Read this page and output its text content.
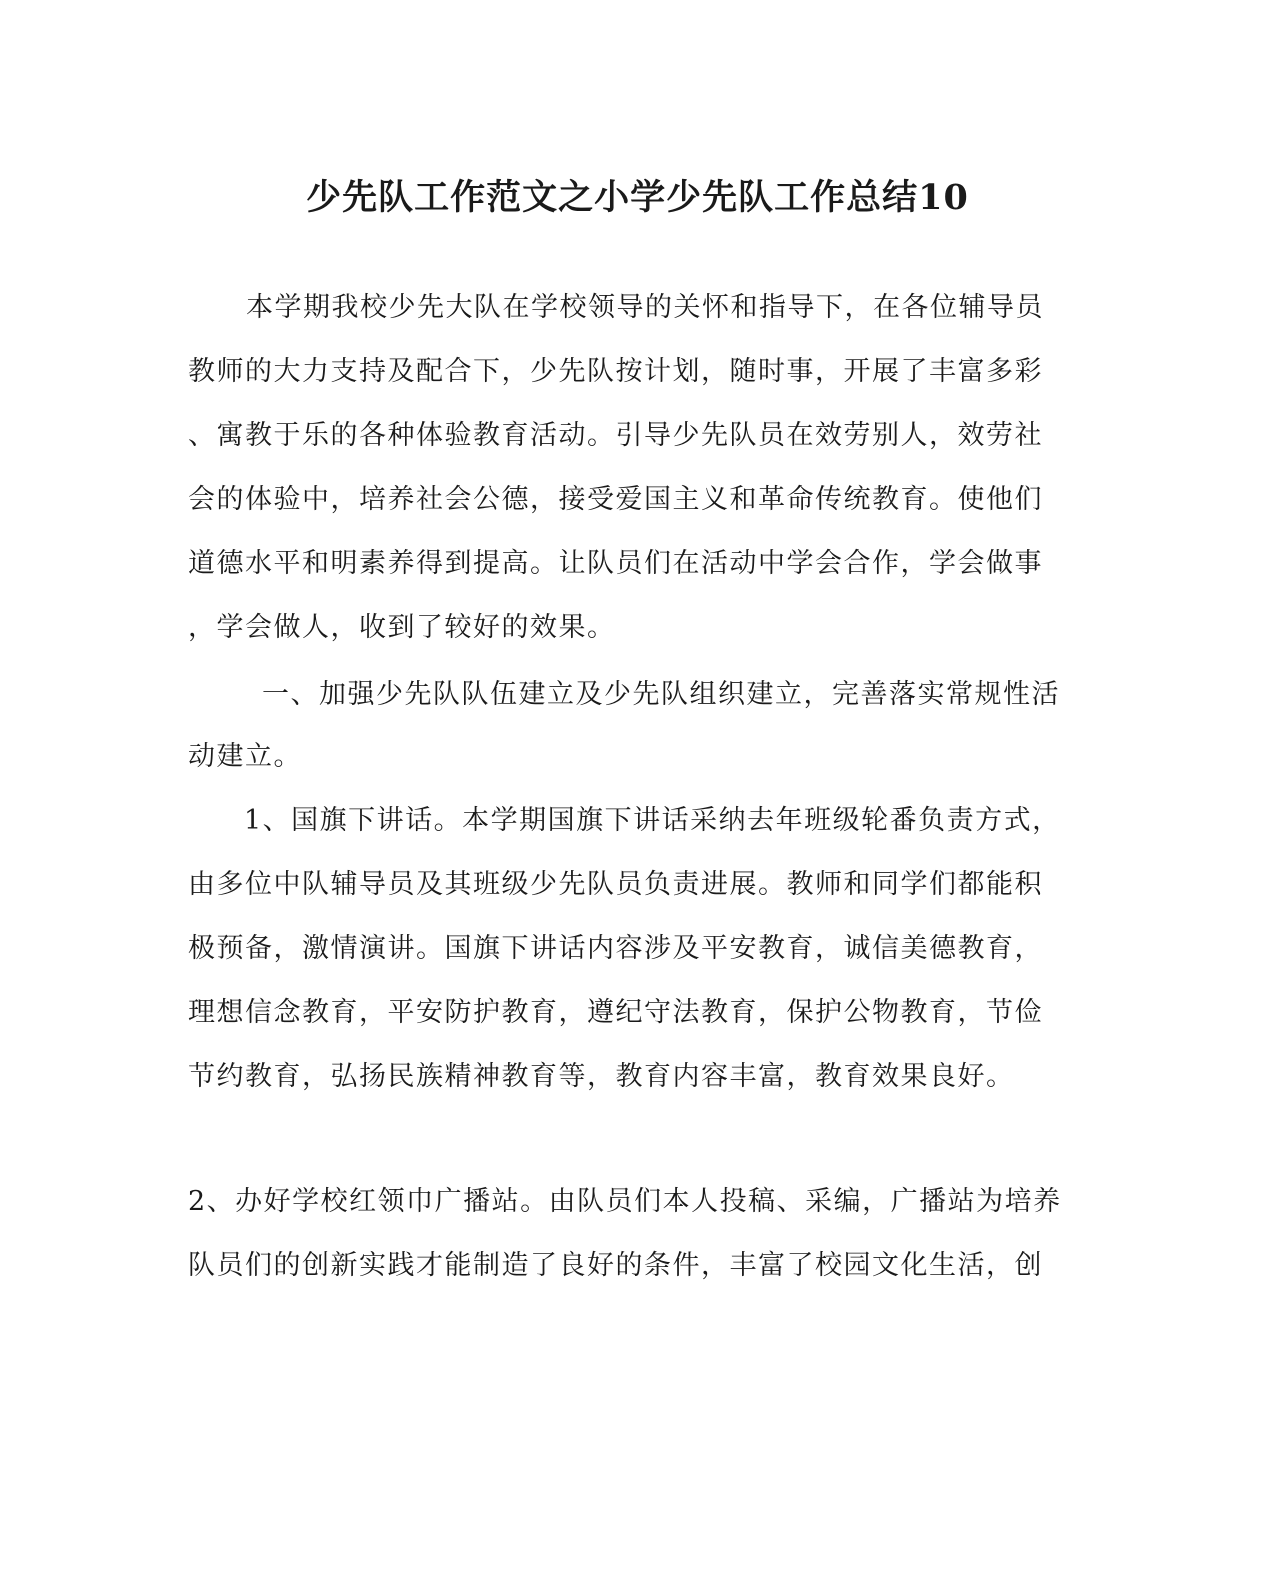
少先队工作范文之小学少先队工作总结10
本学期我校少先大队在学校领导的关怀和指导下，在各位辅导员
教师的大力支持及配合下，少先队按计划，随时事，开展了丰富多彩
、寓教于乐的各种体验教育活动。引导少先队员在效劳别人，效劳社
会的体验中，培养社会公德，接受爱国主义和革命传统教育。使他们
道德水平和明素养得到提高。让队员们在活动中学会合作，学会做事
，学会做人，收到了较好的效果。
一、加强少先队队伍建立及少先队组织建立，完善落实常规性活
动建立。
1、国旗下讲话。本学期国旗下讲话采纳去年班级轮番负责方式，
由多位中队辅导员及其班级少先队员负责进展。教师和同学们都能积
极预备，激情演讲。国旗下讲话内容涉及平安教育，诚信美德教育，
理想信念教育，平安防护教育，遵纪守法教育，保护公物教育，节俭
节约教育，弘扬民族精神教育等，教育内容丰富，教育效果良好。
2、办好学校红领巾广播站。由队员们本人投稿、采编，广播站为培养
队员们的创新实践才能制造了良好的条件，丰富了校园文化生活，创
